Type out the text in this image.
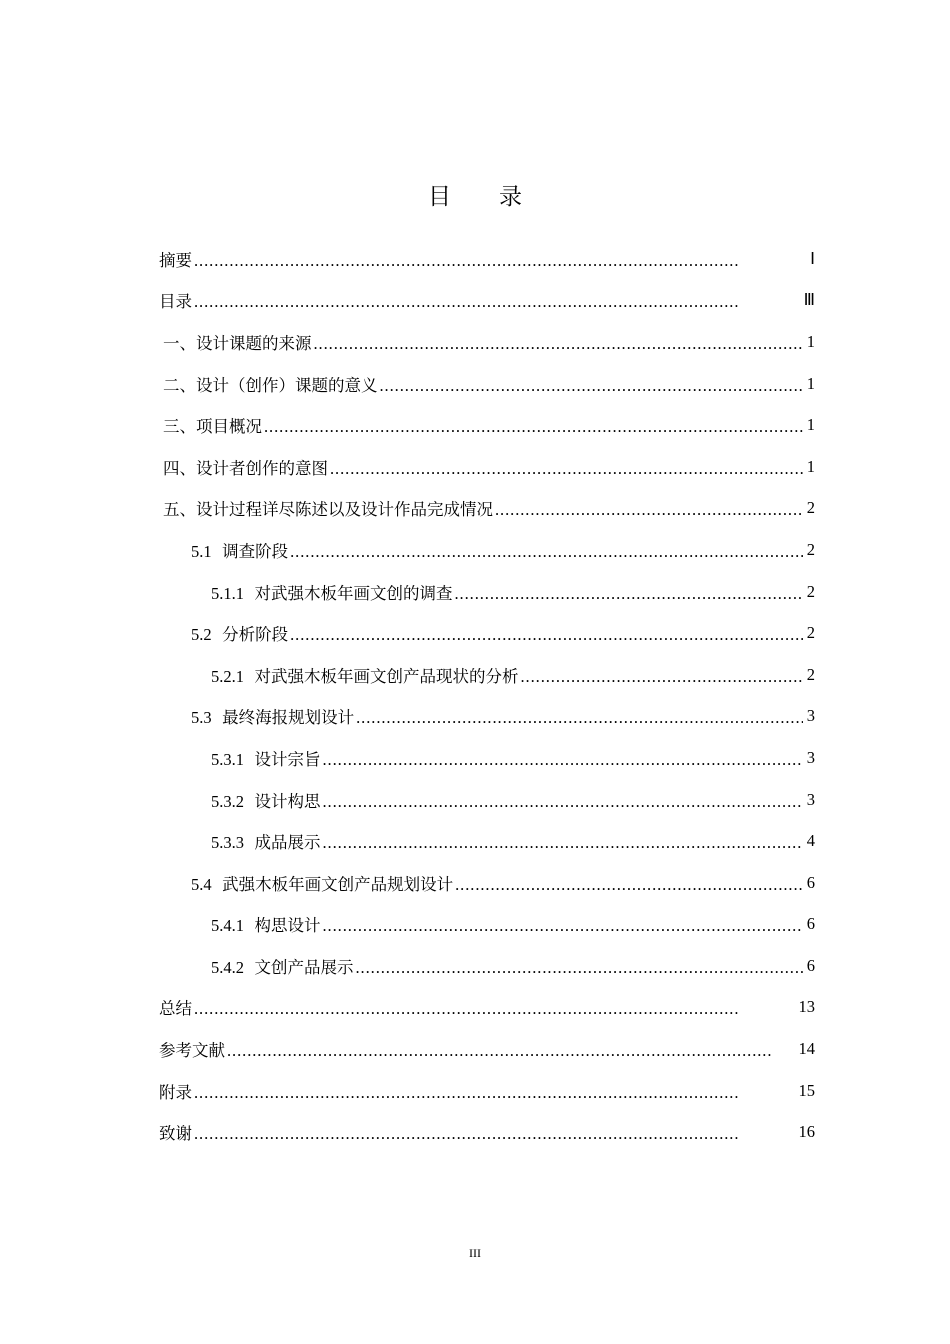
目 录
摘要 . . .	Ⅰ
目录 . . .	Ⅲ
一、设计课题的来源 . . .	1
二、设计（创作）课题的意义 . . .	1
三、项目概况 . . .	1
四、设计者创作的意图 . . .	1
五、设计过程详尽陈述以及设计作品完成情况 . . .	2
5.1 调查阶段 . . .	2
5.1.1 对武强木板年画文创的调查 . . .	2
5.2 分析阶段 . . .	2
5.2.1 对武强木板年画文创产品现状的分析 . . .	2
5.3 最终海报规划设计 . . .	3
5.3.1 设计宗旨 . . .	3
5.3.2 设计构思 . . .	3
5.3.3 成品展示 . . .	4
5.4 武强木板年画文创产品规划设计 . . .	6
5.4.1 构思设计 . . .	6
5.4.2 文创产品展示 . . .	6
总结 . . .	13
参考文献 . . .	14
附录 . . .	15
致谢 . . .	16
III
